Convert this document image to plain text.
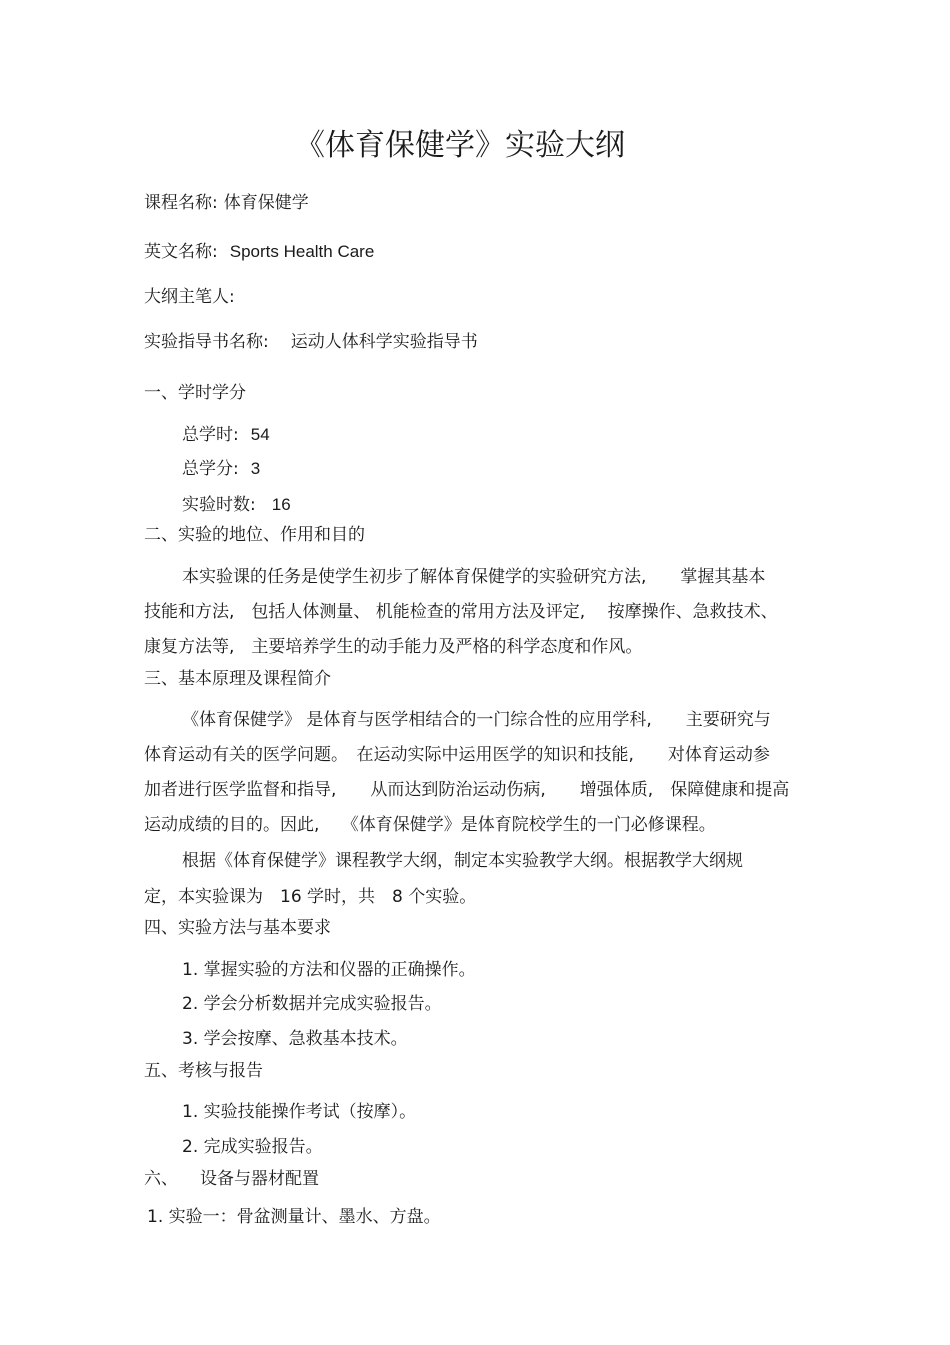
《体育保健学》实验大纲
课程名称: 体育保健学
英文名称: Sports Health Care
大纲主笔人:
实验指导书名称: 运动人体科学实验指导书
一、学时学分
总学时: 54
总学分: 3
实验时数: 16
二、实验的地位、作用和目的
本实验课的任务是使学生初步了解体育保健学的实验研究方法,　　掌握其基本
技能和方法,　包括人体测量、 机能检查的常用方法及评定,　 按摩操作、急救技术、
康复方法等,　主要培养学生的动手能力及严格的科学态度和作风。
三、基本原理及课程简介
《体育保健学》 是体育与医学相结合的一门综合性的应用学科,　　主要研究与
体育运动有关的医学问题。　在运动实际中运用医学的知识和技能,　　对体育运动参
加者进行医学监督和指导,　　从而达到防治运动伤病,　　增强体质,　保障健康和提高
运动成绩的目的。因此,　 《体育保健学》是体育院校学生的一门必修课程。
根据《体育保健学》课程教学大纲，制定本实验教学大纲。根据教学大纲规
定，本实验课为　16 学时，共　8 个实验。
四、实验方法与基本要求
1. 掌握实验的方法和仪器的正确操作。
2. 学会分析数据并完成实验报告。
3. 学会按摩、急救基本技术。
五、考核与报告
1. 实验技能操作考试（按摩）。
2. 完成实验报告。
六、 设备与器材配置
1. 实验一：骨盆测量计、墨水、方盘。
